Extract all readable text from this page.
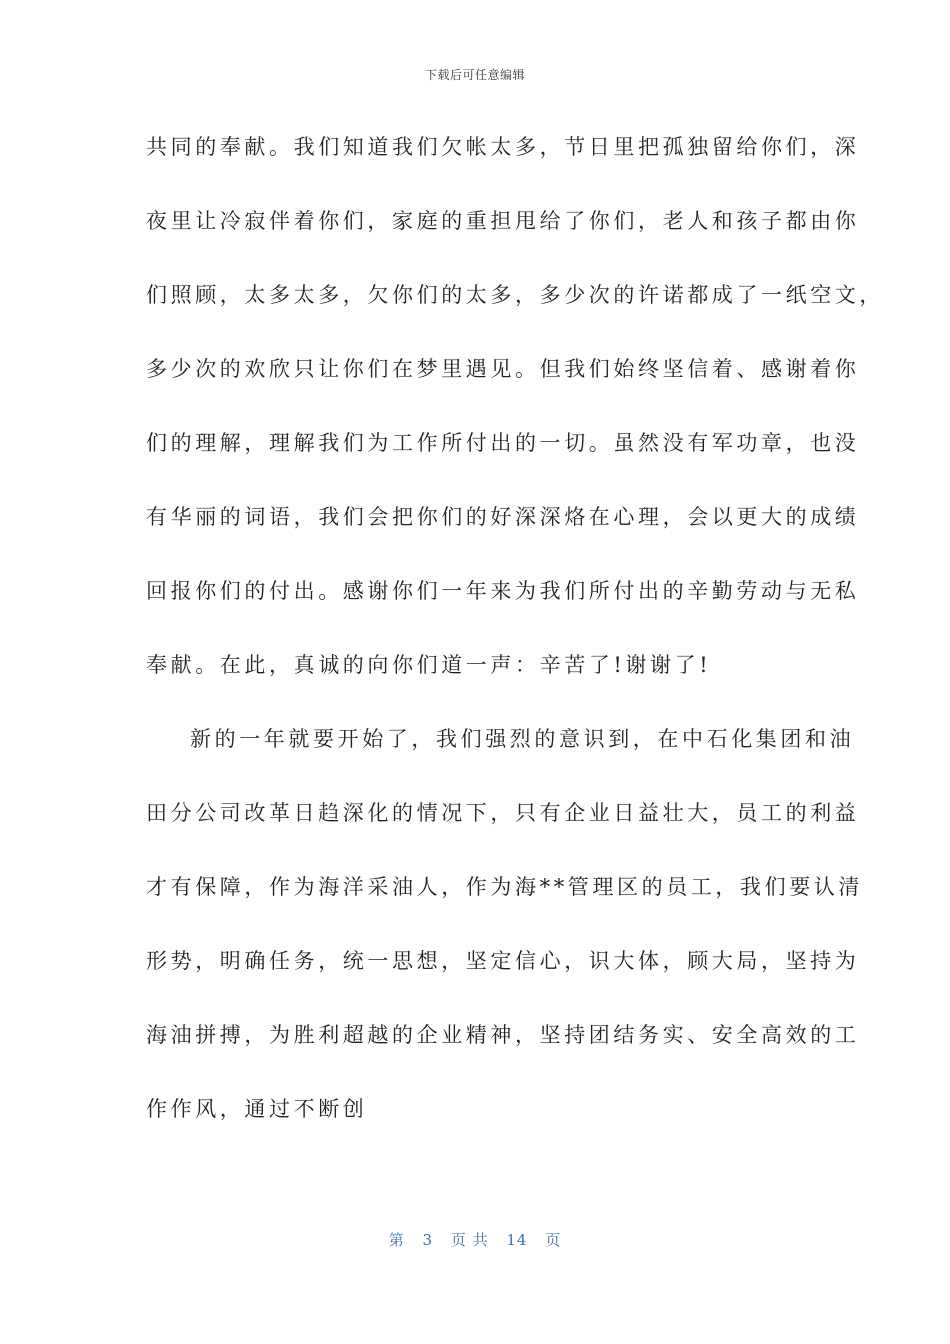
下载后可任意编辑
共同的奉献。我们知道我们欠帐太多，节日里把孤独留给你们，深
夜里让冷寂伴着你们，家庭的重担甩给了你们，老人和孩子都由你
们照顾，太多太多，欠你们的太多，多少次的许诺都成了一纸空文，
多少次的欢欣只让你们在梦里遇见。但我们始终坚信着、感谢着你
们的理解，理解我们为工作所付出的一切。虽然没有军功章，也没
有华丽的词语，我们会把你们的好深深烙在心理，会以更大的成绩
回报你们的付出。感谢你们一年来为我们所付出的辛勤劳动与无私
奉献。在此，真诚的向你们道一声：辛苦了!谢谢了!
新的一年就要开始了，我们强烈的意识到，在中石化集团和油
田分公司改革日趋深化的情况下，只有企业日益壮大，员工的利益
才有保障，作为海洋采油人，作为海**管理区的员工，我们要认清
形势，明确任务，统一思想，坚定信心，识大体，顾大局，坚持为
海油拼搏，为胜利超越的企业精神，坚持团结务实、安全高效的工
作作风，通过不断创
第 3 页 共 14 页
